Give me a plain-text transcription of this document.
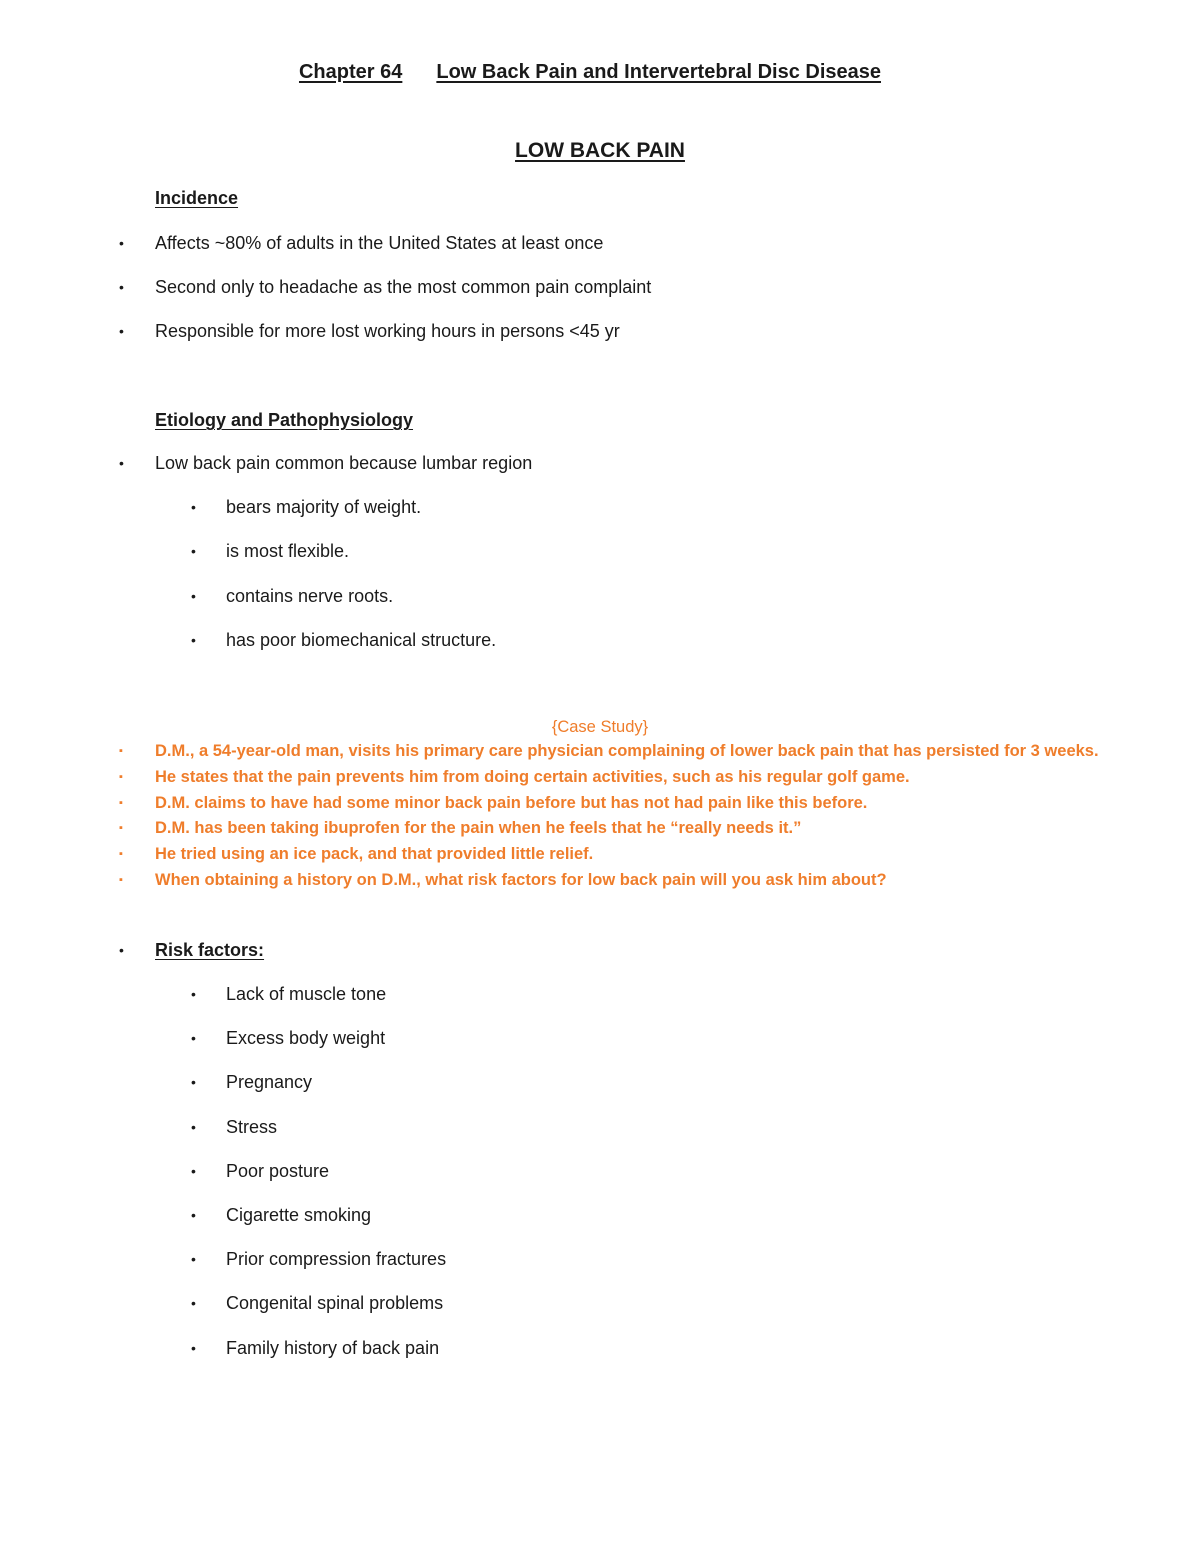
Chapter 64 Low Back Pain and Intervertebral Disc Disease
LOW BACK PAIN
Incidence
• Affects ~80% of adults in the United States at least once
• Second only to headache as the most common pain complaint
• Responsible for more lost working hours in persons <45 yr
Etiology and Pathophysiology
• Low back pain common because lumbar region
• bears majority of weight.
• is most flexible.
• contains nerve roots.
• has poor biomechanical structure.
{Case Study}
▪ D.M., a 54-year-old man, visits his primary care physician complaining of lower back pain that has persisted for 3 weeks.
▪ He states that the pain prevents him from doing certain activities, such as his regular golf game.
▪ D.M. claims to have had some minor back pain before but has not had pain like this before.
▪ D.M. has been taking ibuprofen for the pain when he feels that he “really needs it.”
▪ He tried using an ice pack, and that provided little relief.
▪ When obtaining a history on D.M., what risk factors for low back pain will you ask him about?
• Risk factors:
• Lack of muscle tone
• Excess body weight
• Pregnancy
• Stress
• Poor posture
• Cigarette smoking
• Prior compression fractures
• Congenital spinal problems
• Family history of back pain
